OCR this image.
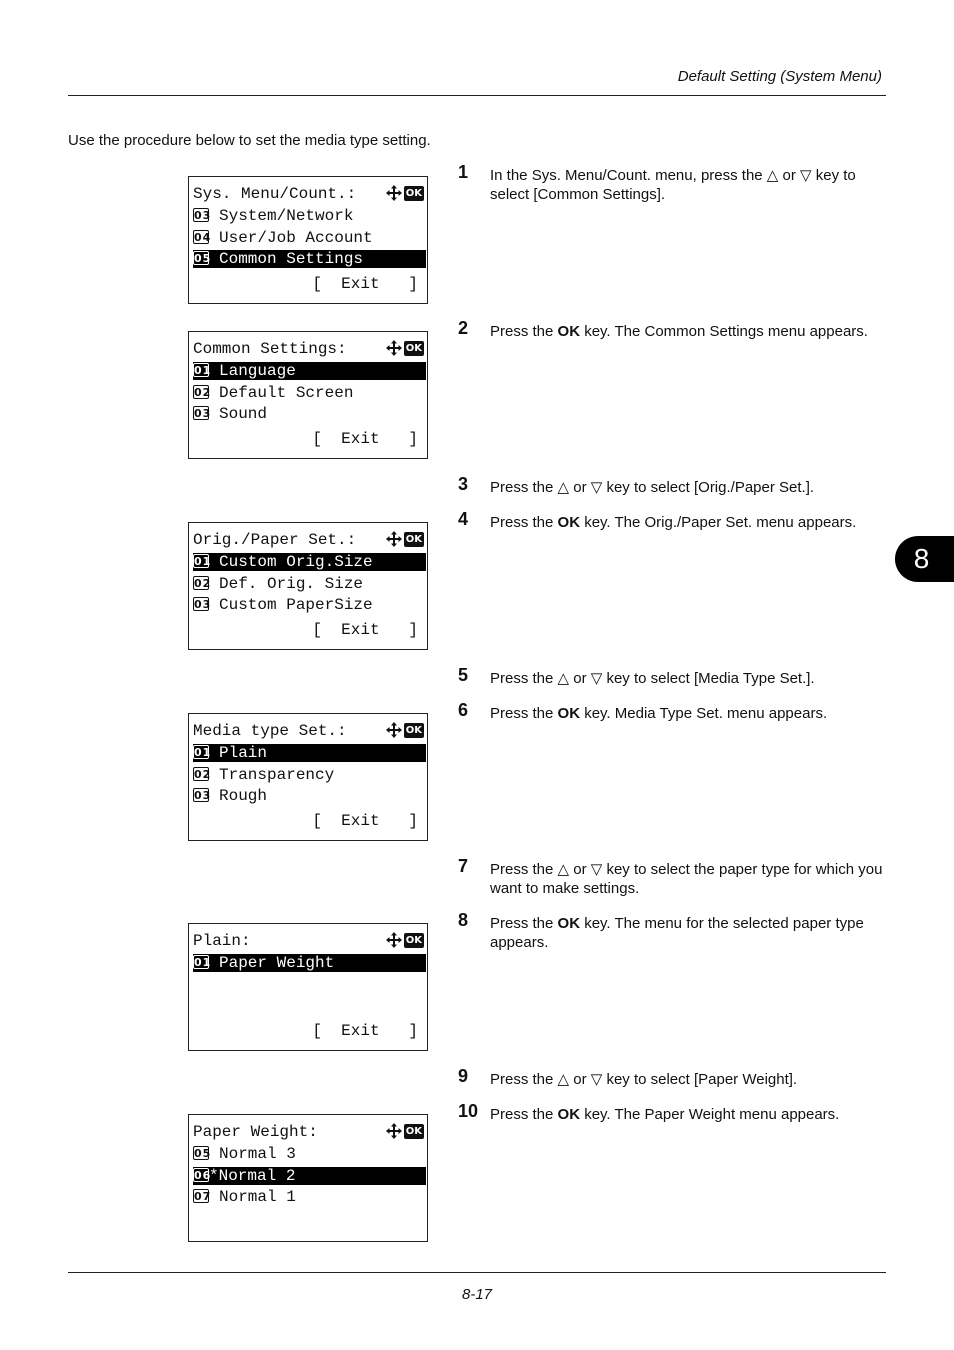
Default Setting (System Menu)
Use the procedure below to set the media type setting.
8
Sys. Menu/Count.:	OK
03 System/Network
04 User/Job Account
05 Common Settings
[  Exit   ]
Common Settings:	OK
01 Language
02 Default Screen
03 Sound
[  Exit   ]
Orig./Paper Set.:	OK
01 Custom Orig.Size
02 Def. Orig. Size
03 Custom PaperSize
[  Exit   ]
Media type Set.:	OK
01 Plain
02 Transparency
03 Rough
[  Exit   ]
Plain:	OK
01 Paper Weight
[  Exit   ]
Paper Weight:	OK
05 Normal 3
06*Normal 2
07 Normal 1
1 In the Sys. Menu/Count. menu, press the △ or ▽ key to select [Common Settings].
2 Press the OK key. The Common Settings menu appears.
3 Press the △ or ▽ key to select [Orig./Paper Set.].
4 Press the OK key. The Orig./Paper Set. menu appears.
5 Press the △ or ▽ key to select [Media Type Set.].
6 Press the OK key. Media Type Set. menu appears.
7 Press the △ or ▽ key to select the paper type for which you want to make settings.
8 Press the OK key. The menu for the selected paper type appears.
9 Press the △ or ▽ key to select [Paper Weight].
10 Press the OK key. The Paper Weight menu appears.
8-17
